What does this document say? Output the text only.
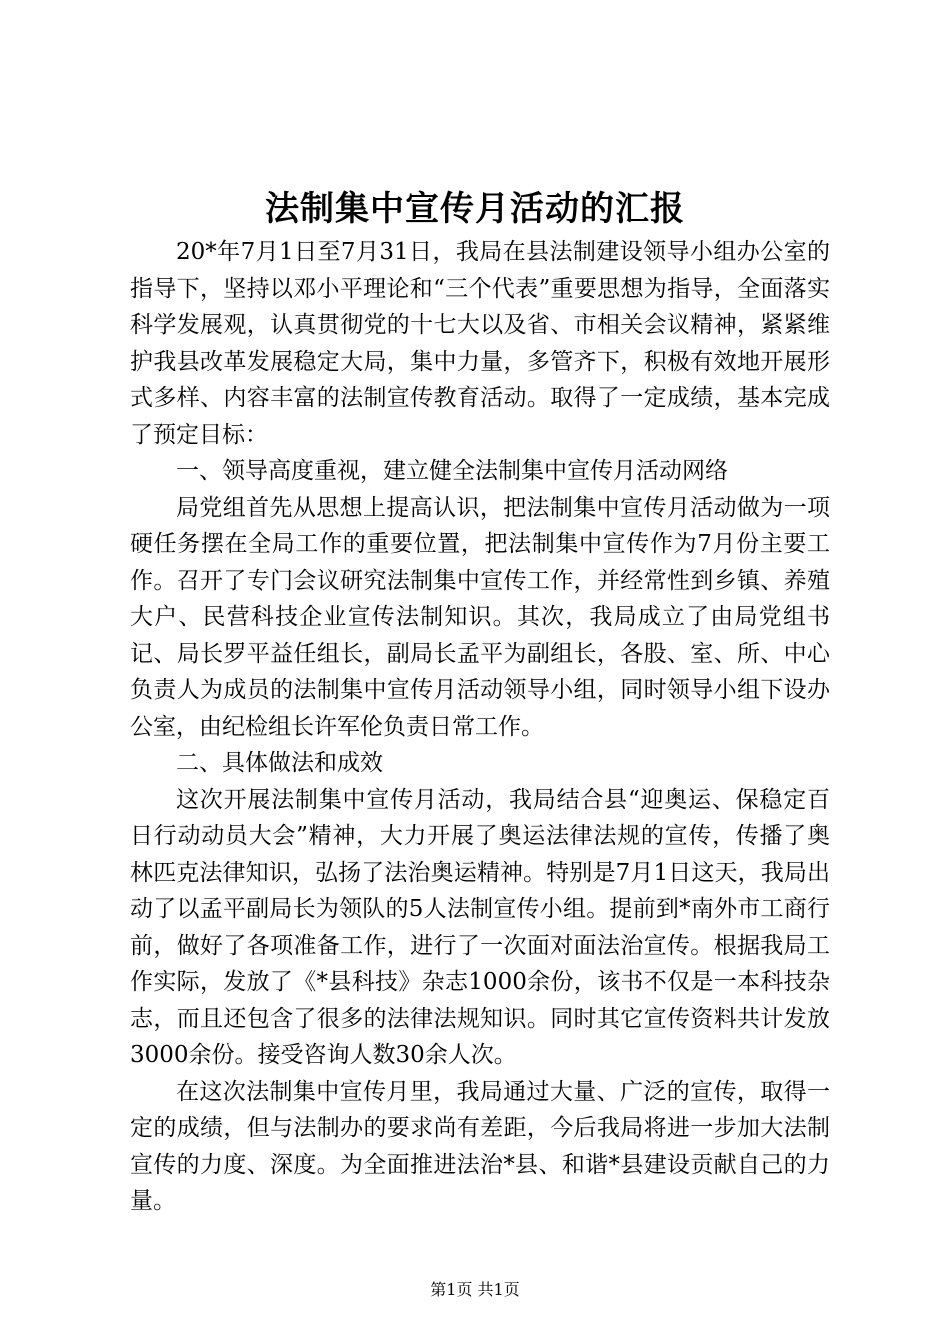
法制集中宣传月活动的汇报

20*年7月1日至7月31日，我局在县法制建设领导小组办公室的指导下，坚持以邓小平理论和“三个代表”重要思想为指导，全面落实科学发展观，认真贯彻党的十七大以及省、市相关会议精神，紧紧维护我县改革发展稳定大局，集中力量，多管齐下，积极有效地开展形式多样、内容丰富的法制宣传教育活动。取得了一定成绩，基本完成了预定目标：

一、领导高度重视，建立健全法制集中宣传月活动网络

局党组首先从思想上提高认识，把法制集中宣传月活动做为一项硬任务摆在全局工作的重要位置，把法制集中宣传作为7月份主要工作。召开了专门会议研究法制集中宣传工作，并经常性到乡镇、养殖大户、民营科技企业宣传法制知识。其次，我局成立了由局党组书记、局长罗平益任组长，副局长孟平为副组长，各股、室、所、中心负责人为成员的法制集中宣传月活动领导小组，同时领导小组下设办公室，由纪检组长许军伦负责日常工作。

二、具体做法和成效

这次开展法制集中宣传月活动，我局结合县“迎奥运、保稳定百日行动动员大会”精神，大力开展了奥运法律法规的宣传，传播了奥林匹克法律知识，弘扬了法治奥运精神。特别是7月1日这天，我局出动了以孟平副局长为领队的5人法制宣传小组。提前到*南外市工商行前，做好了各项准备工作，进行了一次面对面法治宣传。根据我局工作实际，发放了《*县科技》杂志1000余份，该书不仅是一本科技杂志，而且还包含了很多的法律法规知识。同时其它宣传资料共计发放3000余份。接受咨询人数30余人次。

在这次法制集中宣传月里，我局通过大量、广泛的宣传，取得一定的成绩，但与法制办的要求尚有差距，今后我局将进一步加大法制宣传的力度、深度。为全面推进法治*县、和谐*县建设贡献自己的力量。

第1页 共1页
